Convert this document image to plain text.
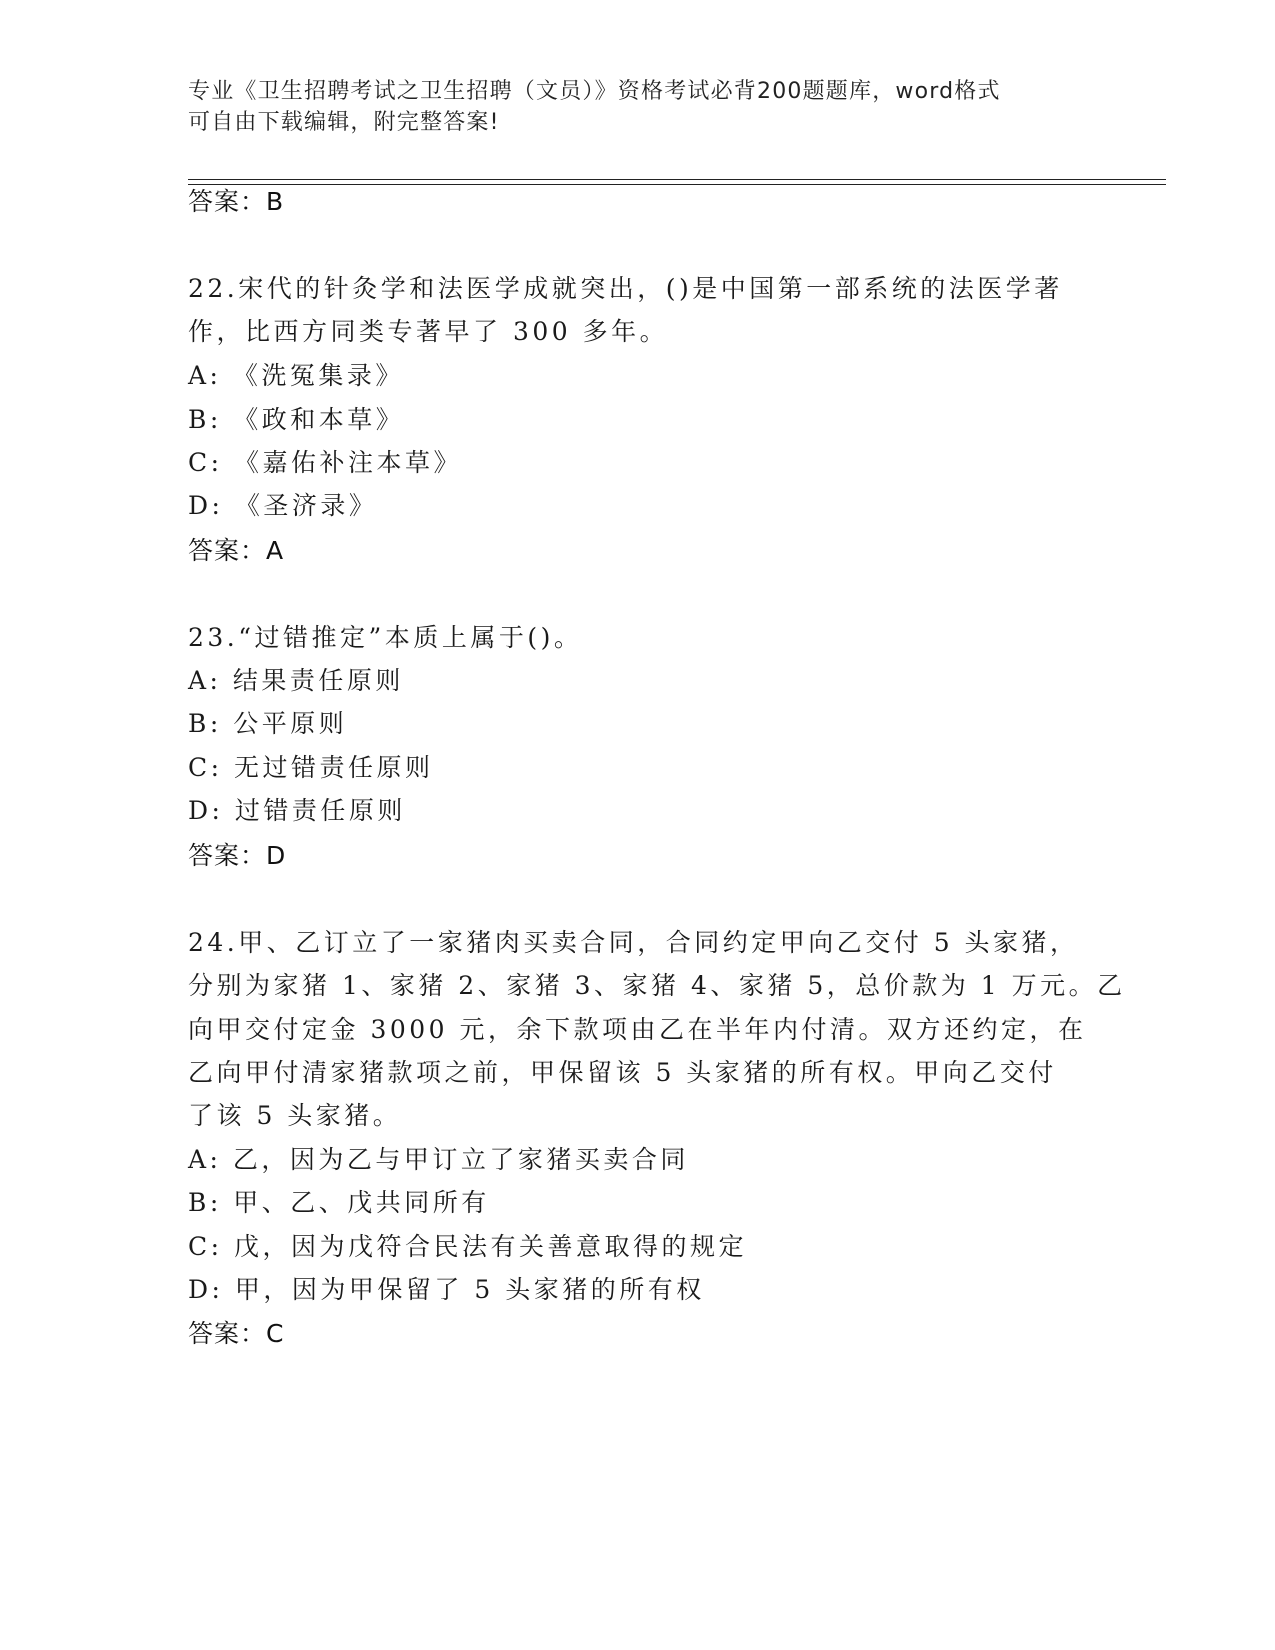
专业《卫生招聘考试之卫生招聘（文员）》资格考试必背200题题库，word格式
可自由下载编辑，附完整答案!
答案：B
22.宋代的针灸学和法医学成就突出，()是中国第一部系统的法医学著
作，比西方同类专著早了 300 多年。
A: 《洗冤集录》
B: 《政和本草》
C: 《嘉佑补注本草》
D: 《圣济录》
答案：A
23.“过错推定”本质上属于()。
A: 结果责任原则
B: 公平原则
C: 无过错责任原则
D: 过错责任原则
答案：D
24.甲、乙订立了一家猪肉买卖合同，合同约定甲向乙交付 5 头家猪，
分别为家猪 1、家猪 2、家猪 3、家猪 4、家猪 5，总价款为 1 万元。乙
向甲交付定金 3000 元，余下款项由乙在半年内付清。双方还约定，在
乙向甲付清家猪款项之前，甲保留该 5 头家猪的所有权。甲向乙交付
了该 5 头家猪。
A: 乙，因为乙与甲订立了家猪买卖合同
B: 甲、乙、戊共同所有
C: 戊，因为戊符合民法有关善意取得的规定
D: 甲，因为甲保留了 5 头家猪的所有权
答案：C
